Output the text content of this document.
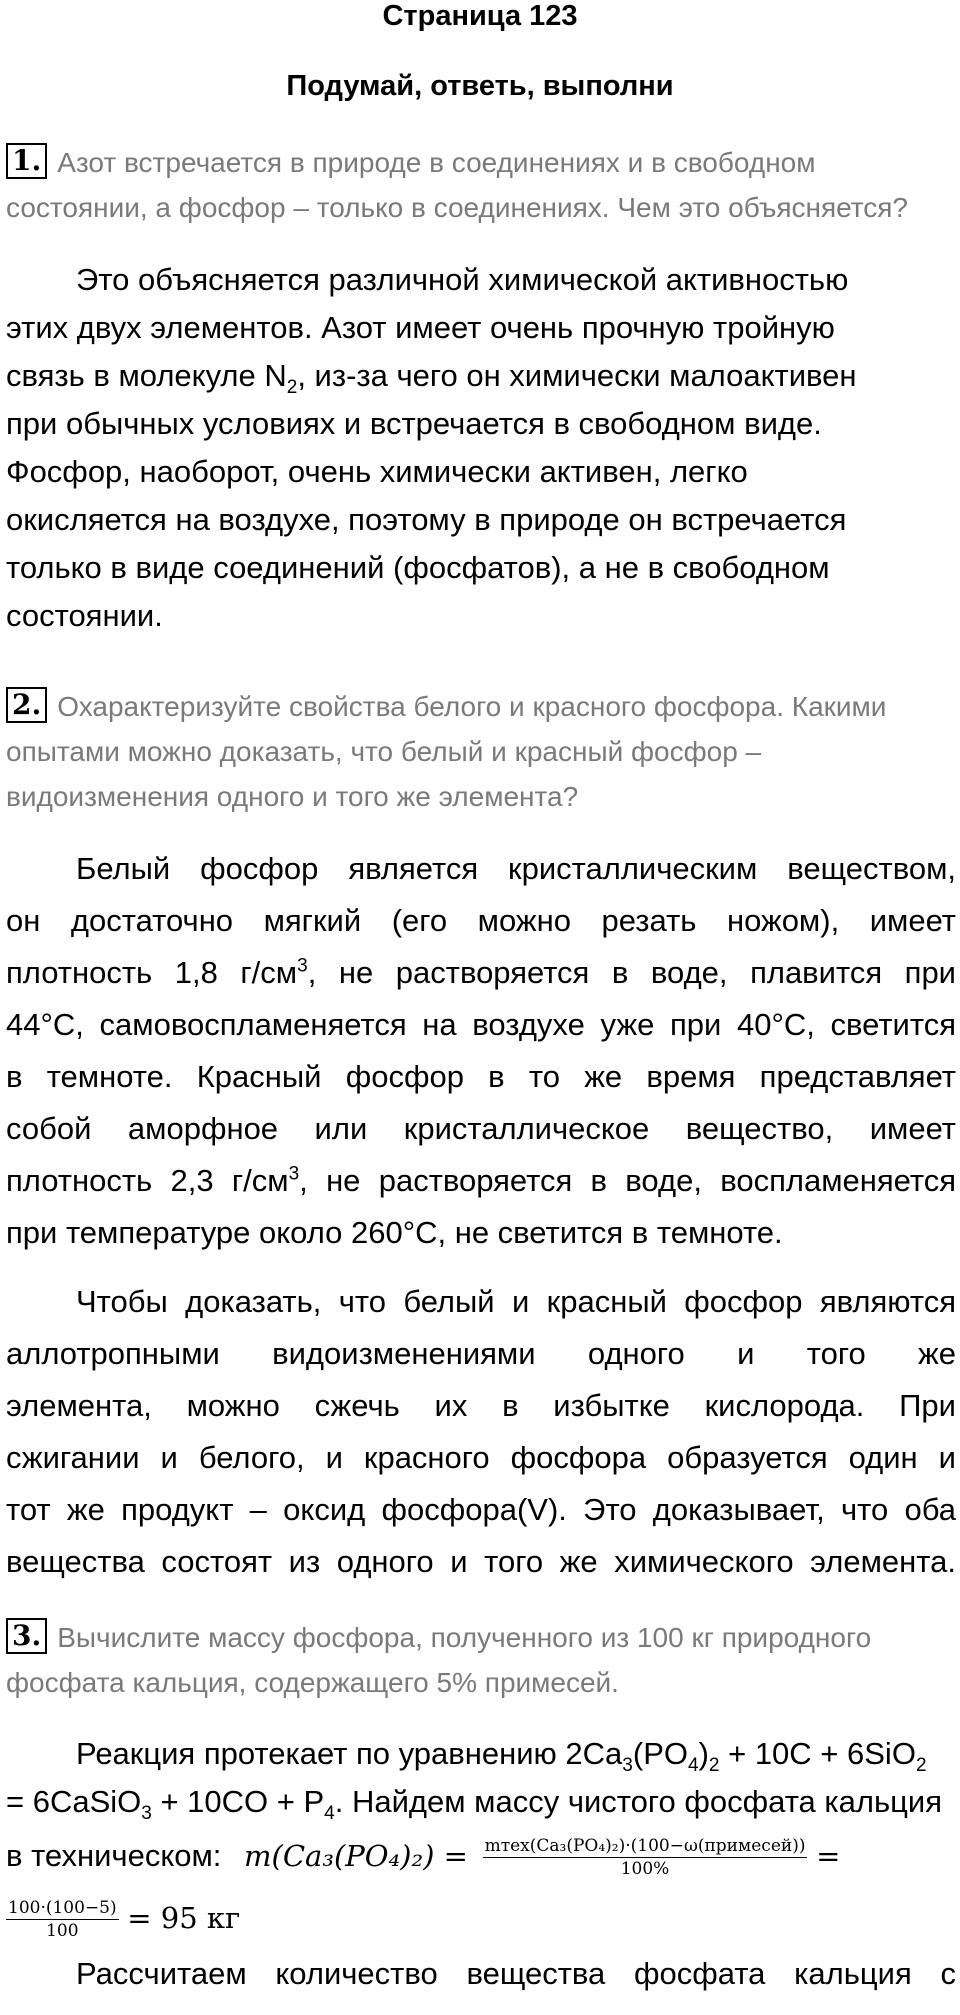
Страница 123
Подумай, ответь, выполни
1. Азот встречается в природе в соединениях и в свободном
состоянии, а фосфор – только в соединениях. Чем это объясняется?
Это объясняется различной химической активностью
этих двух элементов. Азот имеет очень прочную тройную
связь в молекуле $N_2$, из-за чего он химически малоактивен
при обычных условиях и встречается в свободном виде.
Фосфор, наоборот, очень химически активен, легко
окисляется на воздухе, поэтому в природе он встречается
только в виде соединений (фосфатов), а не в свободном
состоянии.
2. Охарактеризуйте свойства белого и красного фосфора. Какими
опытами можно доказать, что белый и красный фосфор –
видоизменения одного и того же элемента?
Белый фосфор является кристаллическим веществом,
он достаточно мягкий (его можно резать ножом), имеет
плотность 1,8 $г/см^3$, не растворяется в воде, плавится при
44°С, самовоспламеняется на воздухе уже при 40°С, светится
в темноте. Красный фосфор в то же время представляет
собой аморфное или кристаллическое вещество, имеет
плотность 2,3 $г/см^3$, не растворяется в воде, воспламеняется
при температуре около 260°С, не светится в темноте.
Чтобы доказать, что белый и красный фосфор являются
аллотропными видоизменениями одного и того же
элемента, можно сжечь их в избытке кислорода. При
сжигании и белого, и красного фосфора образуется один и
тот же продукт – оксид фосфора(V). Это доказывает, что оба
вещества состоят из одного и того же химического элемента.
3. Вычислите массу фосфора, полученного из 100 кг природного
фосфата кальция, содержащего 5% примесей.
Реакция протекает по уравнению $2Ca_3(PO_4)_2 + 10C + 6SiO_2$
= 6CaSiO$_3$ + $10CO + P_4$. Найдем массу чистого фосфата кальция
в техническом: $m(Ca_3(PO_4)_2) = \frac{\text{mтех(Ca₃(PO₄)₂)·(100−ω(примесей))}}{100\%}$ =
$\frac{100\cdot(100-5)}{100} = 95$ кг
Рассчитаем количество вещества фосфата кальция с
